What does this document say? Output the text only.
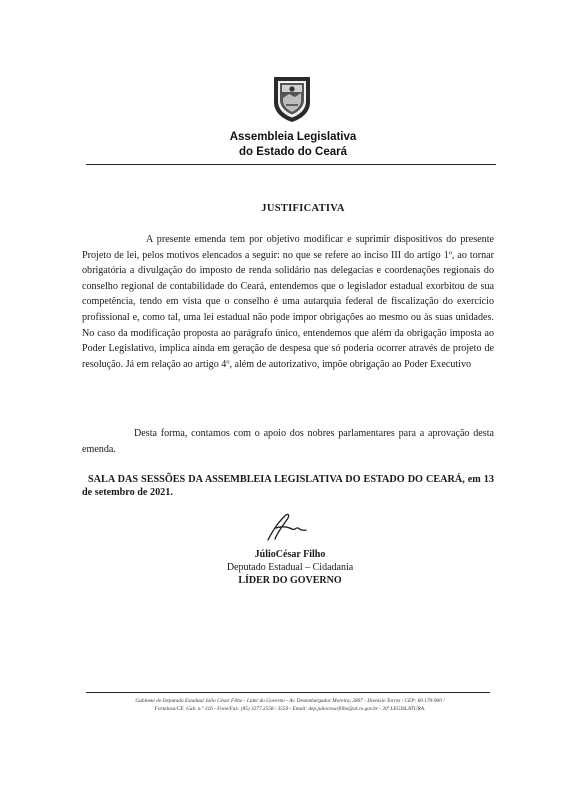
Assembleia Legislativa
do Estado do Ceará
JUSTIFICATIVA

A presente emenda tem por objetivo modificar e suprimir dispositivos do presente Projeto de lei, pelos motivos elencados a seguir: no que se refere ao inciso III do artigo 1º, ao tornar obrigatória a divulgação do imposto de renda solidário nas delegacias e coordenações regionais do conselho regional de contabilidade do Ceará, entendemos que o legislador estadual exorbitou de sua competência, tendo em vista que o conselho é uma autarquia federal de fiscalização do exercício profissional e, como tal, uma lei estadual não pode impor obrigações ao mesmo ou às suas unidades. No caso da modificação proposta ao parágrafo único, entendemos que além da obrigação imposta ao Poder Legislativo, implica ainda em geração de despesa que só poderia ocorrer através de projeto de resolução. Já em relação ao artigo 4º, além de autorizativo, impõe obrigação ao Poder Executivo

Desta forma, contamos com o apoio dos nobres parlamentares para a aprovação desta emenda.

SALA DAS SESSÕES DA ASSEMBLEIA LEGISLATIVA DO ESTADO DO CEARÁ, em 13 de setembro de 2021.

JúlioCésar Filho
Deputado Estadual – Cidadania
LÍDER DO GOVERNO
Gabinete do Deputado Estadual Júlio César Filho - Líder do Governo - Av. Desembargador Moreira, 2807 - Dionísio Torres / CEP: 60.170-900 /
Fortaleza/CE. Gab. n.º 316 - Fone/Fax: (85) 3277.2558 / 3559 - Email: dep.juliocesarfilho@al.ce.gov.br - 30ª LEGISLATURA.
